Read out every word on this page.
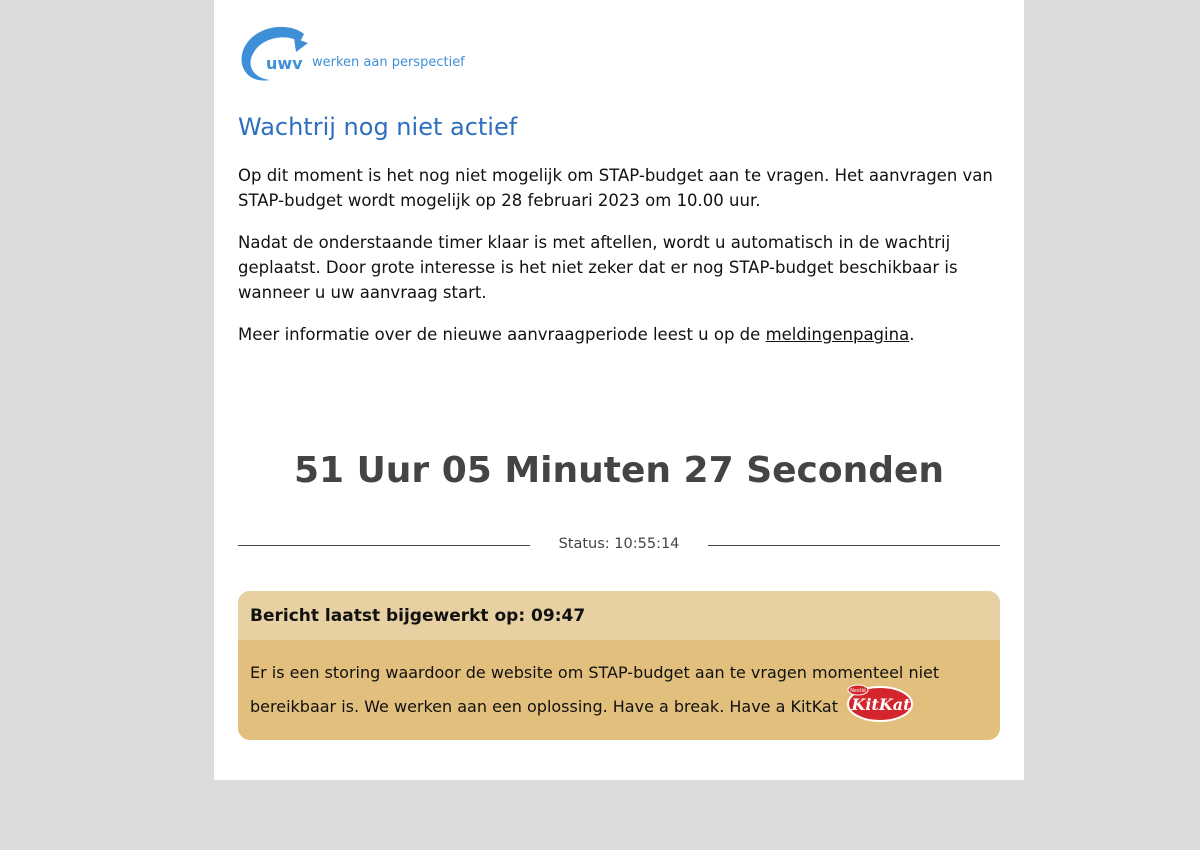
uwv werken aan perspectief
Wachtrij nog niet actief

Op dit moment is het nog niet mogelijk om STAP-budget aan te vragen. Het aanvragen van STAP-budget wordt mogelijk op 28 februari 2023 om 10.00 uur.

Nadat de onderstaande timer klaar is met aftellen, wordt u automatisch in de wachtrij geplaatst. Door grote interesse is het niet zeker dat er nog STAP-budget beschikbaar is wanneer u uw aanvraag start.

Meer informatie over de nieuwe aanvraagperiode leest u op de meldingenpagina.

51 Uur 05 Minuten 27 Seconden
Status: 10:55:14
Bericht laatst bijgewerkt op: 09:47
Er is een storing waardoor de website om STAP-budget aan te vragen momenteel niet bereikbaar is. We werken aan een oplossing. Have a break. Have a KitKat
Nestlé
KitKat
